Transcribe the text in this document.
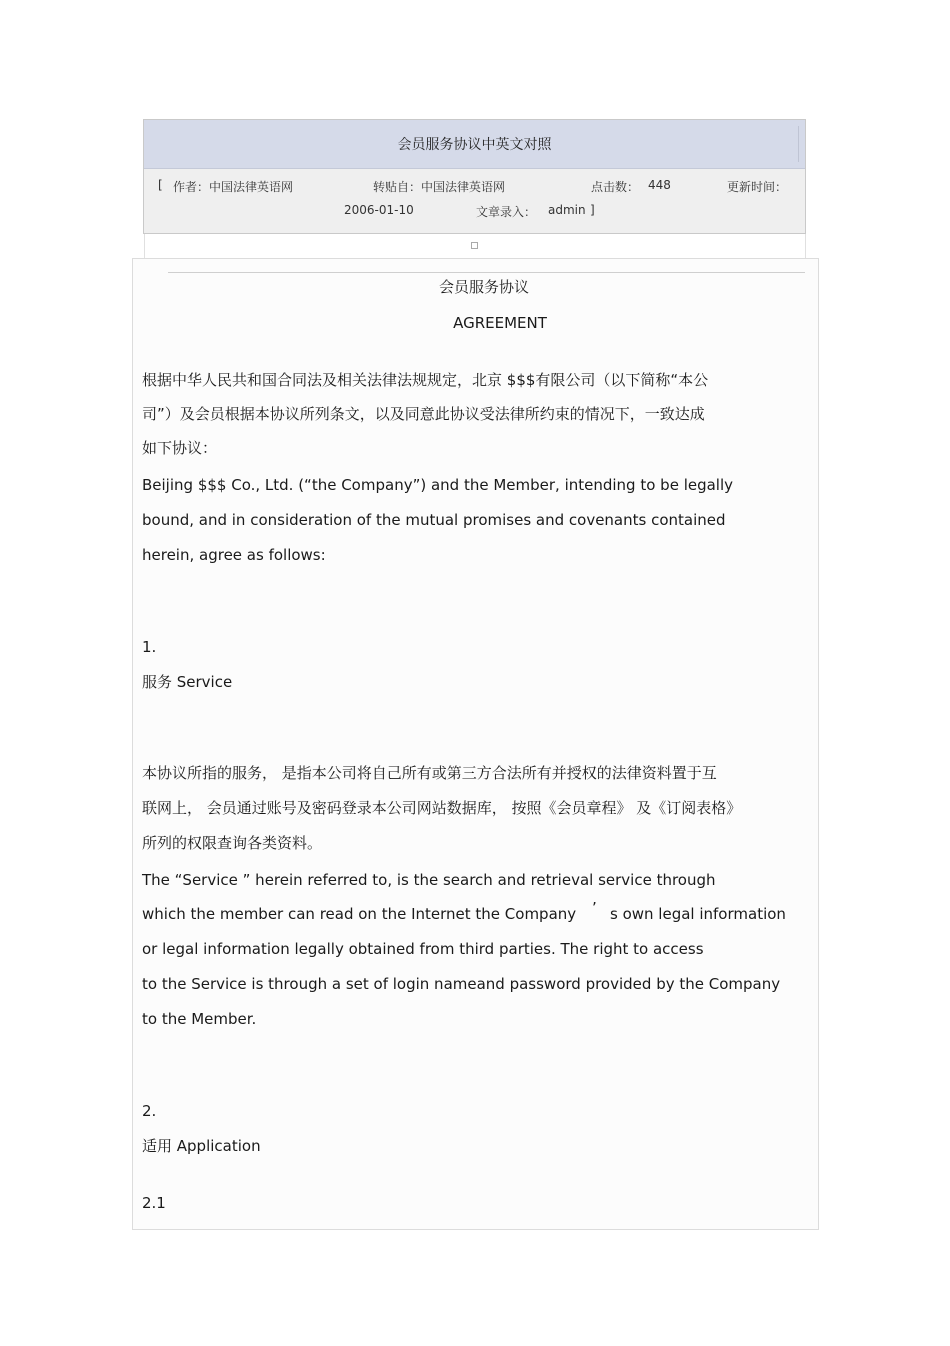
会员服务协议中英文对照
[ 作者：中国法律英语网	转贴自：中国法律英语网	点击数： 448	更新时间：
2006-01-10	文章录入： admin ]
会员服务协议
AGREEMENT
根据中华人民共和国合同法及相关法律法规规定，北京 $$$有限公司（以下简称“本公
司”）及会员根据本协议所列条文，以及同意此协议受法律所约束的情况下，一致达成
如下协议：
Beijing $$$ Co., Ltd. (“the Company”) and the Member, intending to be legally
bound, and in consideration of the mutual promises and covenants contained
herein, agree as follows:
1.
服务 Service
本协议所指的服务， 是指本公司将自己所有或第三方合法所有并授权的法律资料置于互
联网上， 会员通过账号及密码登录本公司网站数据库， 按照《会员章程》 及《订阅表格》
所列的权限查询各类资料。
The “Service ” herein referred to, is the search and retrieval service through
which the member can read on the Internet the Company ’ s own legal information
or legal information legally obtained from third parties. The right to access
to the Service is through a set of login nameand password provided by the Company
to the Member.
2.
适用 Application
2.1
